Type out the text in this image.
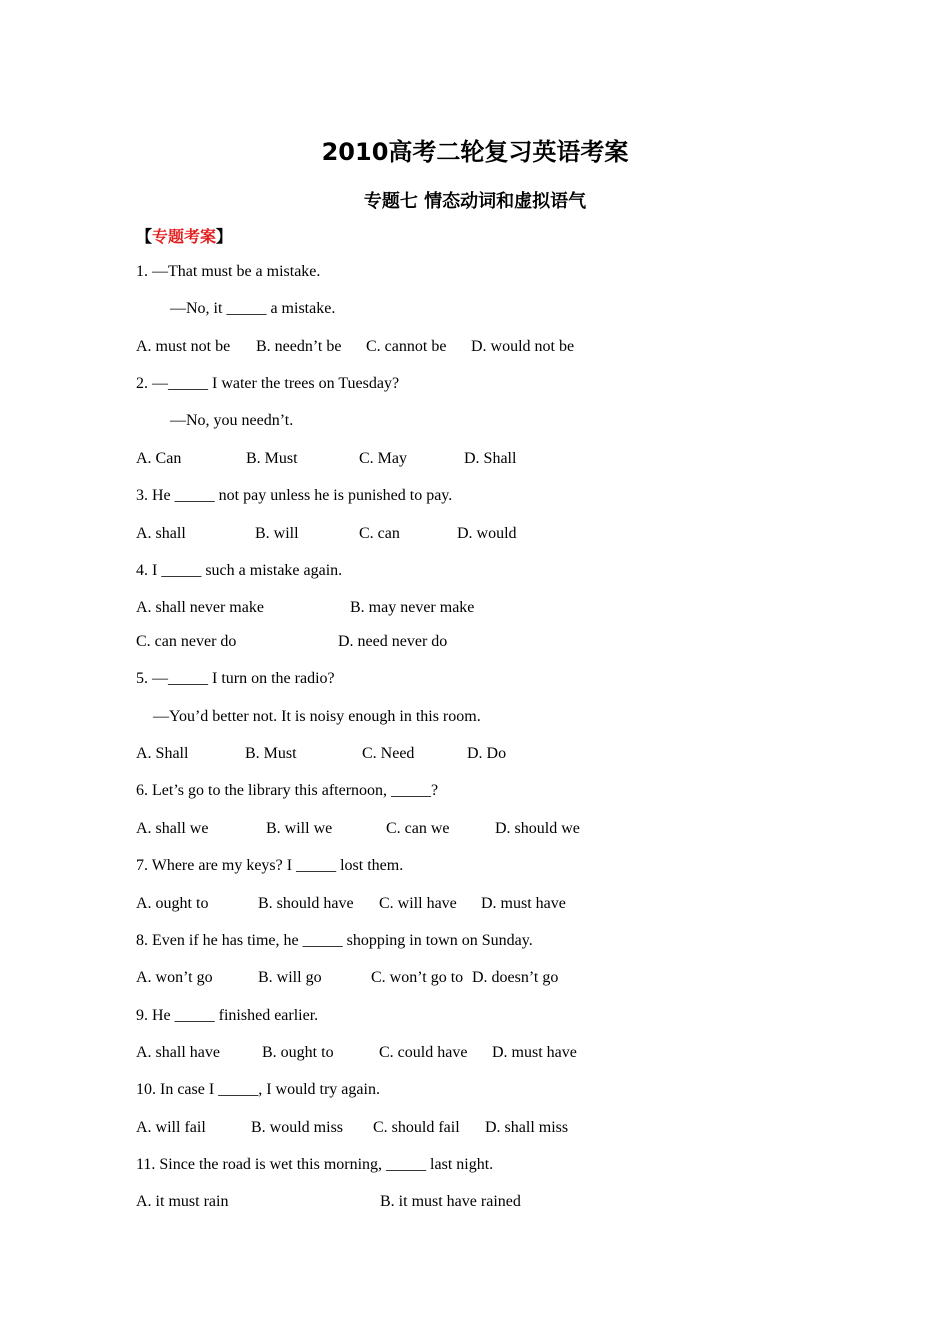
2010高考二轮复习英语考案
专题七 情态动词和虚拟语气
【专题考案】
1. —That must be a mistake.
—No, it _____ a mistake.
A. must not be B. needn’t be C. cannot be D. would not be
2. —_____ I water the trees on Tuesday?
—No, you needn’t.
A. Can	B. Must	C. May	D. Shall
3. He _____ not pay unless he is punished to pay.
A. shall	B. will	C. can	D. would
4. I _____ such a mistake again.
A. shall never make	B. may never make
C. can never do	D. need never do
5. —_____ I turn on the radio?
—You’d better not. It is noisy enough in this room.
A. Shall	B. Must	C. Need	D. Do
6. Let’s go to the library this afternoon, _____?
A. shall we	B. will we	C. can we	D. should we
7. Where are my keys? I _____ lost them.
A. ought to	B. should have C. will have D. must have
8. Even if he has time, he _____ shopping in town on Sunday.
A. won’t go	B. will go	C. won’t go to D. doesn’t go
9. He _____ finished earlier.
A. shall have	B. ought to	C. could have D. must have
10. In case I _____, I would try again.
A. will fail	B. would miss C. should fail D. shall miss
11. Since the road is wet this morning, _____ last night.
A. it must rain	B. it must have rained
